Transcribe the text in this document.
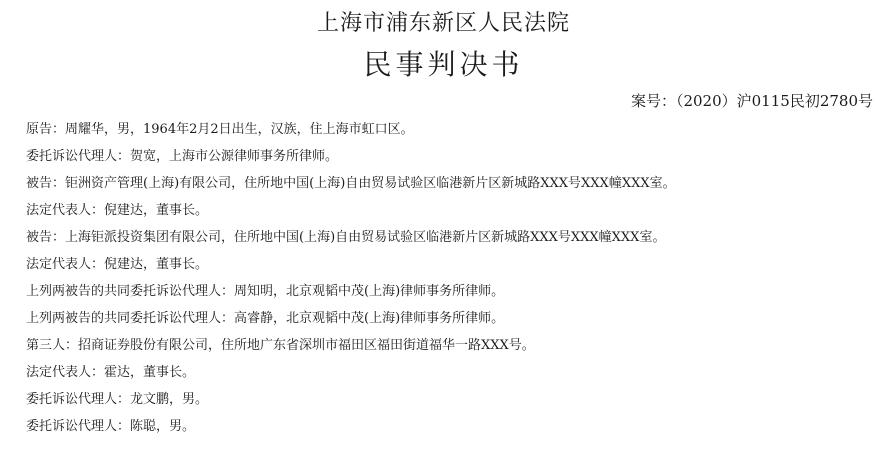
上海市浦东新区人民法院
民事判决书
案号：（2020）沪0115民初2780号
原告：周耀华，男，1964年2月2日出生，汉族，住上海市虹口区。
委托诉讼代理人：贺宽，上海市公源律师事务所律师。
被告：钜洲资产管理(上海)有限公司，住所地中国(上海)自由贸易试验区临港新片区新城路XXX号XXX幢XXX室。
法定代表人：倪建达，董事长。
被告：上海钜派投资集团有限公司，住所地中国(上海)自由贸易试验区临港新片区新城路XXX号XXX幢XXX室。
法定代表人：倪建达，董事长。
上列两被告的共同委托诉讼代理人：周知明，北京观韬中茂(上海)律师事务所律师。
上列两被告的共同委托诉讼代理人：高睿静，北京观韬中茂(上海)律师事务所律师。
第三人：招商证券股份有限公司，住所地广东省深圳市福田区福田街道福华一路XXX号。
法定代表人：霍达，董事长。
委托诉讼代理人：龙文鹏，男。
委托诉讼代理人：陈聪，男。
